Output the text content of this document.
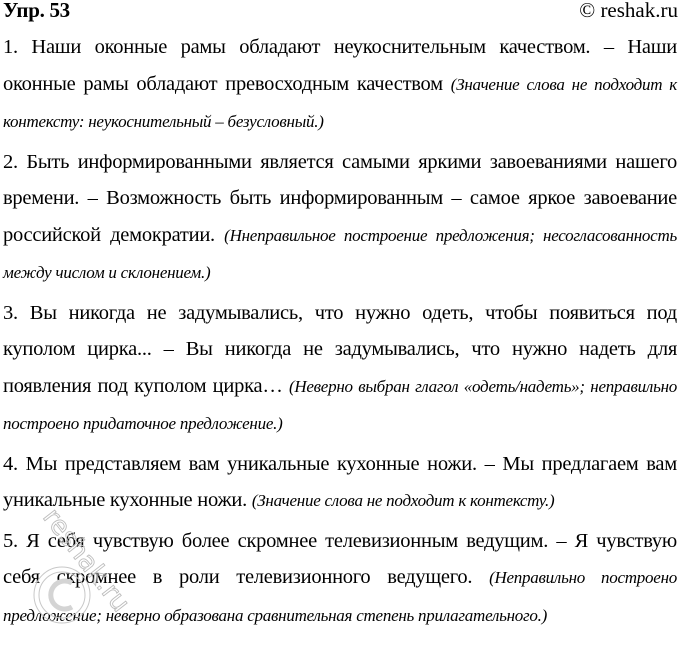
Упр. 53	© reshak.ru

1. Наши оконные рамы обладают неукоснительным качеством. – Наши оконные рамы обладают превосходным качеством (Значение слова не подходит к контексту: неукоснительный – безусловный.)

2. Быть информированными является самыми яркими завоеваниями нашего времени. – Возможность быть информированным – самое яркое завоевание российской демократии. (Ннеправильное построение предложения; несогласованность между числом и склонением.)

3. Вы никогда не задумывались, что нужно одеть, чтобы появиться под куполом цирка... – Вы никогда не задумывались, что нужно надеть для появления под куполом цирка… (Неверно выбран глагол «одеть/надеть»; неправильно построено придаточное предложение.)

4. Мы представляем вам уникальные кухонные ножи. – Мы предлагаем вам уникальные кухонные ножи. (Значение слова не подходит к контексту.)

5. Я себя чувствую более скромнее телевизионным ведущим. – Я чувствую себя скромнее в роли телевизионного ведущего. (Неправильно построено предложение; неверно образована сравнительная степень прилагательного.)

reshak.ru
